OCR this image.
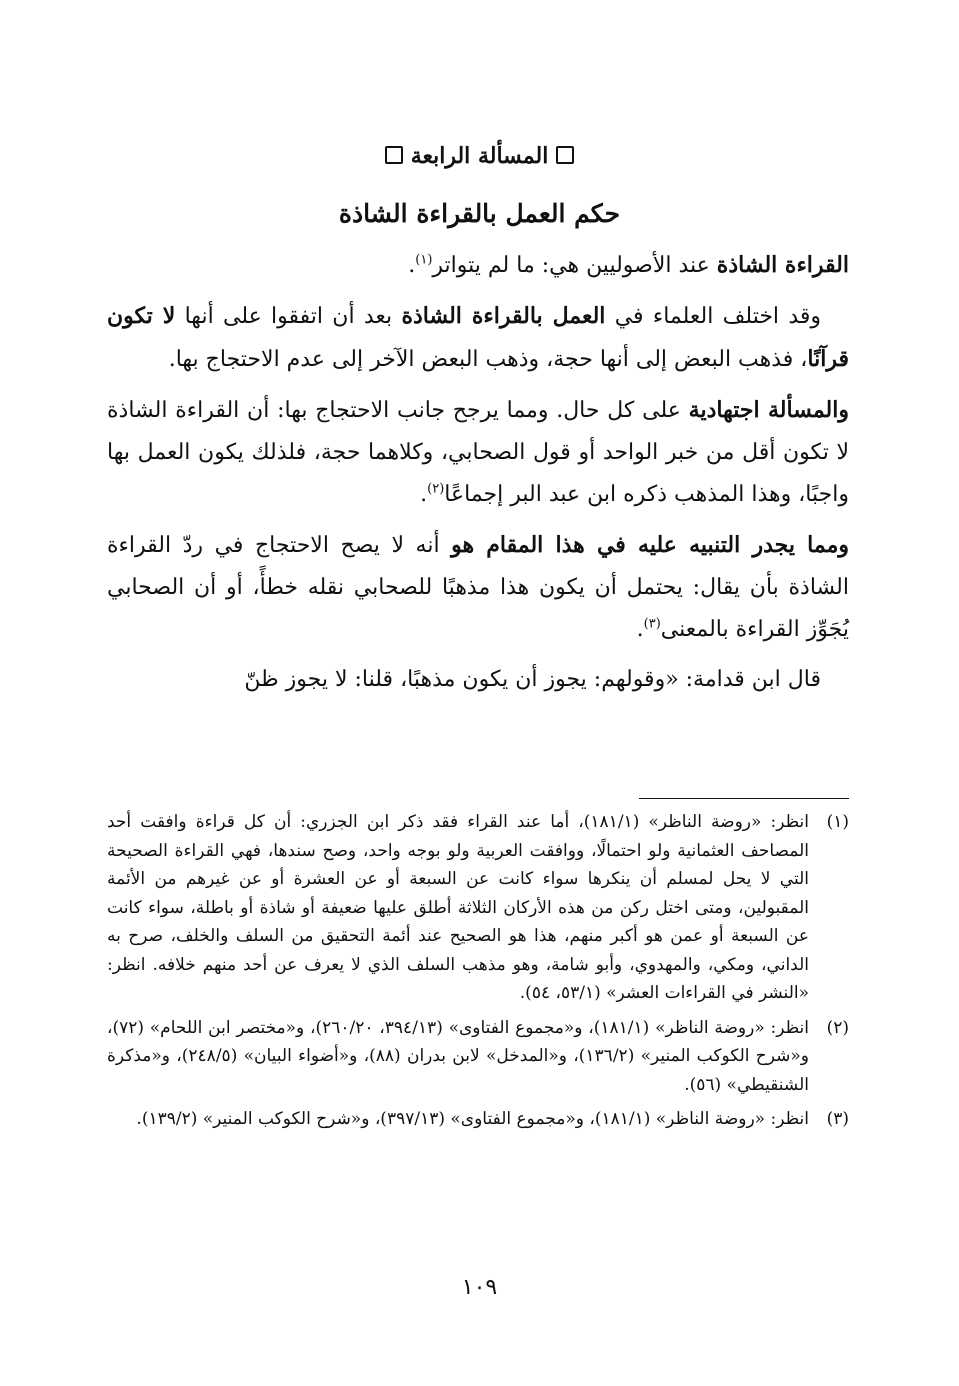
المسألة الرابعة
حكم العمل بالقراءة الشاذة

القراءة الشاذة عند الأصوليين هي: ما لم يتواتر$^{(١)}$.

وقد اختلف العلماء في العمل بالقراءة الشاذة بعد أن اتفقوا على أنها لا تكون قرآنًا، فذهب البعض إلى أنها حجة، وذهب البعض الآخر إلى عدم الاحتجاج بها.

والمسألة اجتهادية على كل حال. ومما يرجح جانب الاحتجاج بها: أن القراءة الشاذة لا تكون أقل من خبر الواحد أو قول الصحابي، وكلاهما حجة، فلذلك يكون العمل بها واجبًا، وهذا المذهب ذكره ابن عبد البر إجماعًا$^{(٢)}$.

ومما يجدر التنبيه عليه في هذا المقام هو أنه لا يصح الاحتجاج في ردّ القراءة الشاذة بأن يقال: يحتمل أن يكون هذا مذهبًا للصحابي نقله خطأً، أو أن الصحابي يُجَوِّز القراءة بالمعنى$^{(٣)}$.

قال ابن قدامة: «وقولهم: يجوز أن يكون مذهبًا، قلنا: لا يجوز ظنّ

(١)
انظر: «روضة الناظر» (١٨١/١)، أما عند القراء فقد ذكر ابن الجزري: أن كل قراءة وافقت أحد المصاحف العثمانية ولو احتمالًا، ووافقت العربية ولو بوجه واحد، وصح سندها، فهي القراءة الصحيحة التي لا يحل لمسلم أن ينكرها سواء كانت عن السبعة أو عن العشرة أو عن غيرهم من الأئمة المقبولين، ومتى اختل ركن من هذه الأركان الثلاثة أطلق عليها ضعيفة أو شاذة أو باطلة، سواء كانت عن السبعة أو عمن هو أكبر منهم، هذا هو الصحيح عند أئمة التحقيق من السلف والخلف، صرح به الداني، ومكي، والمهدوي، وأبو شامة، وهو مذهب السلف الذي لا يعرف عن أحد منهم خلافه. انظر: «النشر في القراءات العشر» (٥٣/١، ٥٤).
(٢)
انظر: «روضة الناظر» (١٨١/١)، و«مجموع الفتاوى» (٣٩٤/١٣، ٢٦٠/٢٠)، و«مختصر ابن اللحام» (٧٢)، و«شرح الكوكب المنير» (١٣٦/٢)، و«المدخل» لابن بدران (٨٨)، و«أضواء البيان» (٢٤٨/٥)، و«مذكرة الشنقيطي» (٥٦).
(٣)
انظر: «روضة الناظر» (١٨١/١)، و«مجموع الفتاوى» (٣٩٧/١٣)، و«شرح الكوكب المنير» (١٣٩/٢).
١٠٩
